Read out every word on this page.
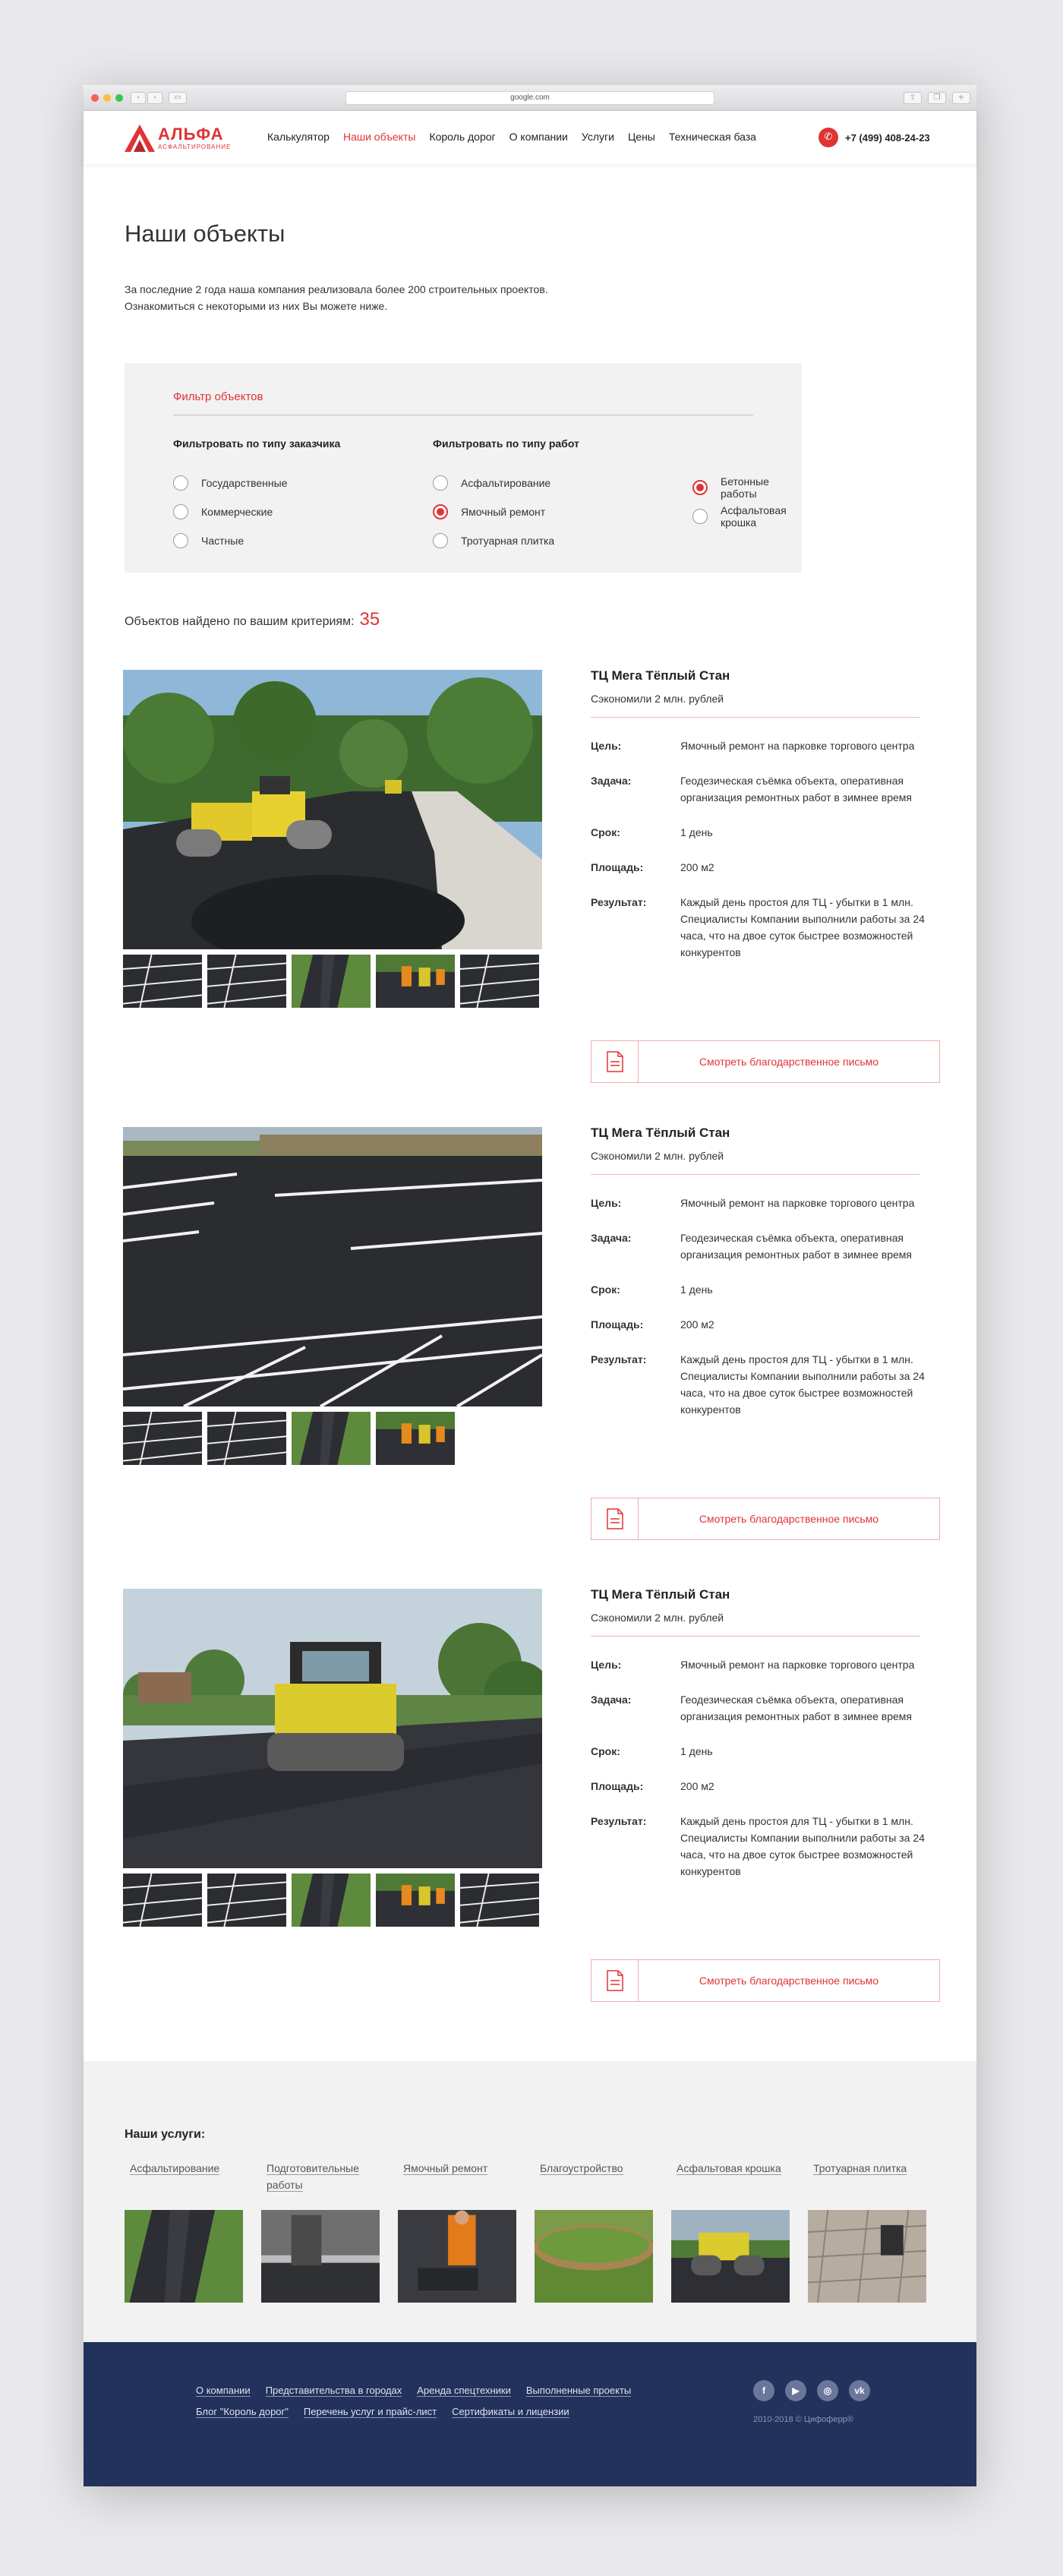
‹	›	▭	google.com	⇪	❐	+
АЛЬФА
АСФАЛЬТИРОВАНИЕ
Калькулятор Наши объекты Король дорог О компании Услуги Цены Техническая база	✆	+7 (499) 408-24-23
Наши объекты
За последние 2 года наша компания реализовала более 200 строительных проектов.
Ознакомиться с некоторыми из них Вы можете ниже.
Фильтр объектов
Фильтровать по типу заказчика	Фильтровать по типу работ
Государственные
Коммерческие
Частные
Асфальтирование
Ямочный ремонт
Тротуарная плитка
Бетонные работы
Асфальтовая крошка
Объектов найдено по вашим критериям: 35
ТЦ Мега Тёплый Стан
Сэкономили 2 млн. рублей
Цель:	Ямочный ремонт на парковке торгового центра
Задача:	Геодезическая съёмка объекта, оперативная организация ремонтных работ в зимнее время
Срок:	1 день
Площадь:	200 м2
Результат:	Каждый день простоя для ТЦ - убытки в 1 млн. Специалисты Компании выполнили работы за 24 часа, что на двое суток быстрее возможностей конкурентов
Смотреть благодарственное письмо
ТЦ Мега Тёплый Стан
Сэкономили 2 млн. рублей
Цель:	Ямочный ремонт на парковке торгового центра
Задача:	Геодезическая съёмка объекта, оперативная организация ремонтных работ в зимнее время
Срок:	1 день
Площадь:	200 м2
Результат:	Каждый день простоя для ТЦ - убытки в 1 млн. Специалисты Компании выполнили работы за 24 часа, что на двое суток быстрее возможностей конкурентов
Смотреть благодарственное письмо
ТЦ Мега Тёплый Стан
Сэкономили 2 млн. рублей
Цель:	Ямочный ремонт на парковке торгового центра
Задача:	Геодезическая съёмка объекта, оперативная организация ремонтных работ в зимнее время
Срок:	1 день
Площадь:	200 м2
Результат:	Каждый день простоя для ТЦ - убытки в 1 млн. Специалисты Компании выполнили работы за 24 часа, что на двое суток быстрее возможностей конкурентов
Смотреть благодарственное письмо
Наши услуги:
Асфальтирование	Подготовительные работы
Ямочный ремонт	Благоустройство	Асфальтовая крошка	Тротуарная плитка
О компании Представительства в городах Аренда спецтехники Выполненные проекты
Блог "Король дорог" Перечень услуг и прайс-лист Сертификаты и лицензии
f	▶	◎	vk
2010-2018 © Цифоферр®
